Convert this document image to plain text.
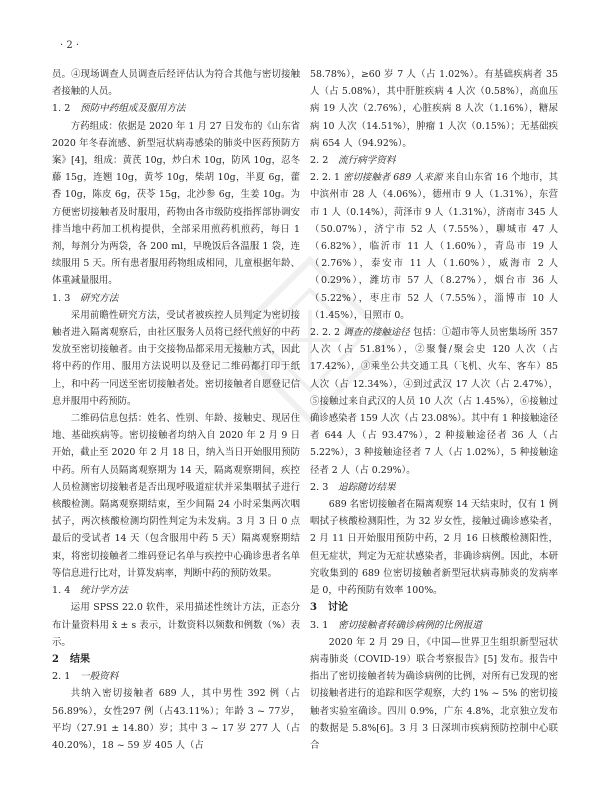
· 2 ·

员。④现场调查人员调查后经评估认为符合其他与密切接触者接触的人员。

1. 2 预防中药组成及服用方法

方药组成：依据是 2020 年 1 月 27 日发布的《山东省 2020 年冬春流感、新型冠状病毒感染的肺炎中医药预防方案》[4]，组成：黄芪 10g，炒白术 10g，防风 10g，忍冬藤 15g，连翘 10g，黄芩 10g，柴胡 10g，半夏 6g，藿香 10g，陈皮 6g，茯苓 15g，北沙参 6g，生姜 10g。为方便密切接触者及时服用，药物由各市级防疫指挥部协调安排当地中药加工机构提供，全部采用煎药机煎药，每日 1 剂，每剂分为两袋，各 200 ml，早晚饭后各温服 1 袋，连续服用 5 天。所有患者服用药物组成相同，儿童根据年龄、体重减量服用。

1. 3 研究方法

采用前瞻性研究方法，受试者被疾控人员判定为密切接触者进入隔离观察后，由社区服务人员将已经代煎好的中药发放至密切接触者。由于交接物品都采用无接触方式，因此将中药的作用、服用方法说明以及登记二维码都打印于纸上，和中药一同送至密切接触者处。密切接触者自愿登记信息并服用中药预防。

二维码信息包括：姓名、性别、年龄、接触史、现居住地、基础疾病等。密切接触者均纳入自 2020 年 2 月 9 日开始，截止至 2020 年 2 月 18 日，纳入当日开始服用预防中药。所有人员隔离观察期为 14 天，隔离观察期间，疾控人员检测密切接触者是否出现呼吸道症状并采集咽拭子进行核酸检测。隔离观察期结束，至少间隔 24 小时采集两次咽拭子，两次核酸检测均阴性判定为未发病。3 月 3 日 0 点最后的受试者 14 天（包含服用中药 5 天）隔离观察期结束，将密切接触者二维码登记名单与疾控中心确诊患者名单等信息进行比对，计算发病率，判断中药的预防效果。

1. 4 统计学方法

运用 SPSS 22.0 软件，采用描述性统计方法，正态分布计量资料用 x̄ ± s 表示，计数资料以频数和例数（%）表示。

2 结果

2. 1 一般资料

共纳入密切接触者 689 人，其中男性 392 例（占56.89%），女性297 例（占43.11%）；年龄 3 ~ 77岁，平均（27.91 ± 14.80）岁；其中 3 ~ 17 岁 277 人（占 40.20%），18 ~ 59 岁 405 人（占

58.78%），≥60 岁 7 人（占 1.02%）。有基础疾病者 35 人（占 5.08%），其中肝脏疾病 4 人次（0.58%），高血压病 19 人次（2.76%），心脏疾病 8 人次（1.16%），糖尿病 10 人次（14.51%），肿瘤 1 人次（0.15%）；无基础疾病 654 人（94.92%）。

2. 2 流行病学资料

2. 2. 1 密切接触者 689 人来源 来自山东省 16 个地市，其中滨州市 28 人（4.06%），德州市 9 人（1.31%），东营市 1 人（0.14%），菏泽市 9 人（1.31%），济南市 345 人（50.07%），济宁市 52 人（7.55%），聊城市 47 人（6.82%），临沂市 11 人（1.60%），青岛市 19 人（2.76%），泰安市 11 人（1.60%），威海市 2 人（0.29%），潍坊市 57 人（8.27%），烟台市 36 人（5.22%），枣庄市 52 人（7.55%），淄博市 10 人（1.45%），日照市 0。

2. 2. 2 调查的接触途径 包括：①超市等人员密集场所 357 人次（占 51.81%），②聚餐/聚会史 120 人次（占 17.42%），③乘坐公共交通工具（飞机、火车、客车）85 人次（占 12.34%），④到过武汉 17 人次（占 2.47%），⑤接触过来自武汉的人员 10 人次（占 1.45%），⑥接触过确诊感染者 159 人次（占 23.08%）。其中有 1 种接触途径者 644 人（占 93.47%），2 种接触途径者 36 人（占 5.22%），3 种接触途径者 7 人（占 1.02%），5 种接触途径者 2 人（占 0.29%）。

2. 3 追踪随访结果

689 名密切接触者在隔离观察 14 天结束时，仅有 1 例咽拭子核酸检测阳性，为 32 岁女性，接触过确诊感染者，2 月 11 日开始服用预防中药，2 月 16 日核酸检测阳性，但无症状，判定为无症状感染者，非确诊病例。因此，本研究收集到的 689 位密切接触者新型冠状病毒肺炎的发病率是 0，中药预防有效率 100%。

3 讨论

3. 1 密切接触者转确诊病例的比例报道

2020 年 2 月 29 日，《中国—世界卫生组织新型冠状病毒肺炎（COVID-19）联合考察报告》[5] 发布。报告中指出了密切接触者转为确诊病例的比例，对所有已发现的密切接触者进行的追踪和医学观察，大约 1% ~ 5% 的密切接触者实验室确诊。四川 0.9%，广东 4.8%，北京独立发布的数据是 5.8%[6]。3 月 3 日深圳市疾病预防控制中心联合
